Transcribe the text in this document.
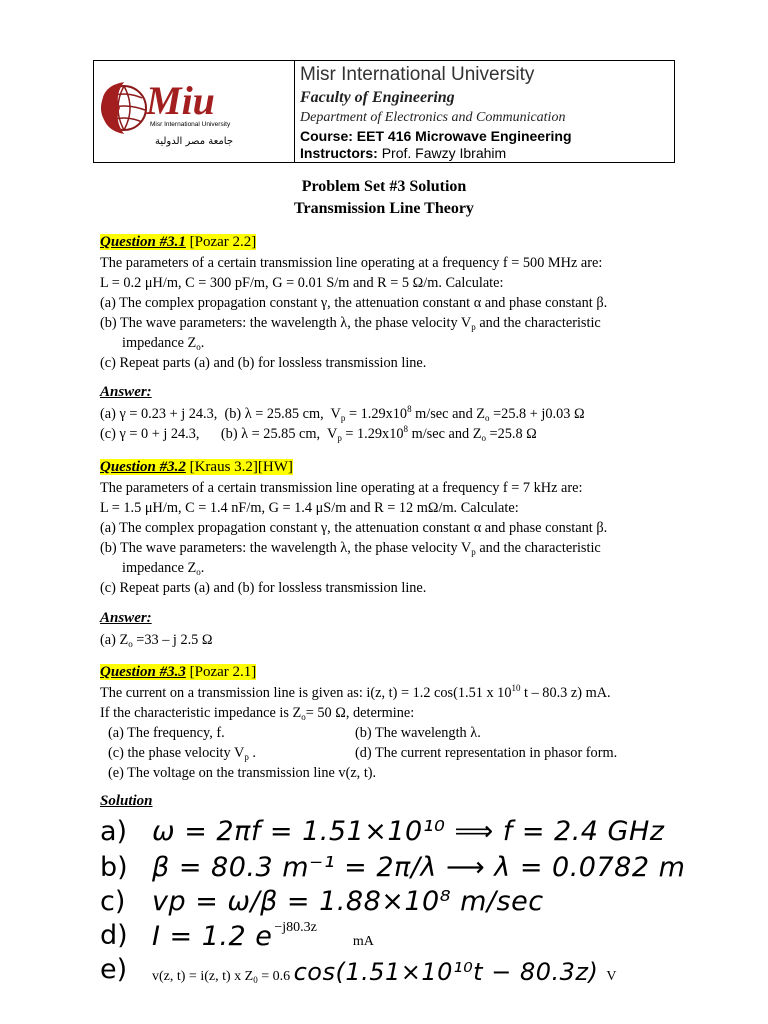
Miu
Misr International University
جامعة مصر الدولية
Misr International University
Faculty of Engineering
Department of Electronics and Communication
Course: EET 416 Microwave Engineering
Instructors: Prof. Fawzy Ibrahim
Problem Set #3 Solution
Transmission Line Theory
Question #3.1 [Pozar 2.2]
The parameters of a certain transmission line operating at a frequency f = 500 MHz are:
L = 0.2 μH/m, C = 300 pF/m, G = 0.01 S/m and R = 5 Ω/m. Calculate:
(a) The complex propagation constant γ, the attenuation constant α and phase constant β.
(b) The wave parameters: the wavelength λ, the phase velocity $V_p$ and the characteristic
impedance $Z_o$.
(c) Repeat parts (a) and (b) for lossless transmission line.
Answer:
(a) γ = 0.23 + j 24.3,  (b) λ = 25.85 cm,  $V_p = 1.29x10^8$ m/sec and $Z_o =25.8 + j0.03$ Ω
(c) γ = 0 + j 24.3,      (b) λ = 25.85 cm,  $V_p = 1.29x10^8$ m/sec and $Z_o =25.8$ Ω
Question #3.2 [Kraus 3.2][HW]
The parameters of a certain transmission line operating at a frequency f = 7 kHz are:
L = 1.5 μH/m, C = 1.4 nF/m, G = 1.4 μS/m and R = 12 mΩ/m. Calculate:
(a) The complex propagation constant γ, the attenuation constant α and phase constant β.
(b) The wave parameters: the wavelength λ, the phase velocity $V_p$ and the characteristic
impedance $Z_o$.
(c) Repeat parts (a) and (b) for lossless transmission line.
Answer:
(a) $Z_o =33 - j$ 2.5 Ω
Question #3.3 [Pozar 2.1]
The current on a transmission line is given as: i(z, t) = 1.2 cos(1.51 x $10^{10}$ t – 80.3 z) mA.
If the characteristic impedance is $Z_o= 50$ Ω, determine:
(a) The frequency, f.	(b) The wavelength λ.
(c) the phase velocity $V_p$ .	(d) The current representation in phasor form.
(e) The voltage on the transmission line v(z, t).
Solution
a) ω = 2πf = 1.51×10¹⁰ ⟹ f = 2.4 GHz
b) β = 80.3 m⁻¹ = 2π/λ ⟶ λ = 0.0782 m
c) vp = ω/β = 1.88×10⁸ m/sec
d) I = 1.2 e −j80.3zmA
e) v(z, t) = i(z, t) x $Z_0 = 0.6$ cos(1.51×10¹⁰t − 80.3z) V
